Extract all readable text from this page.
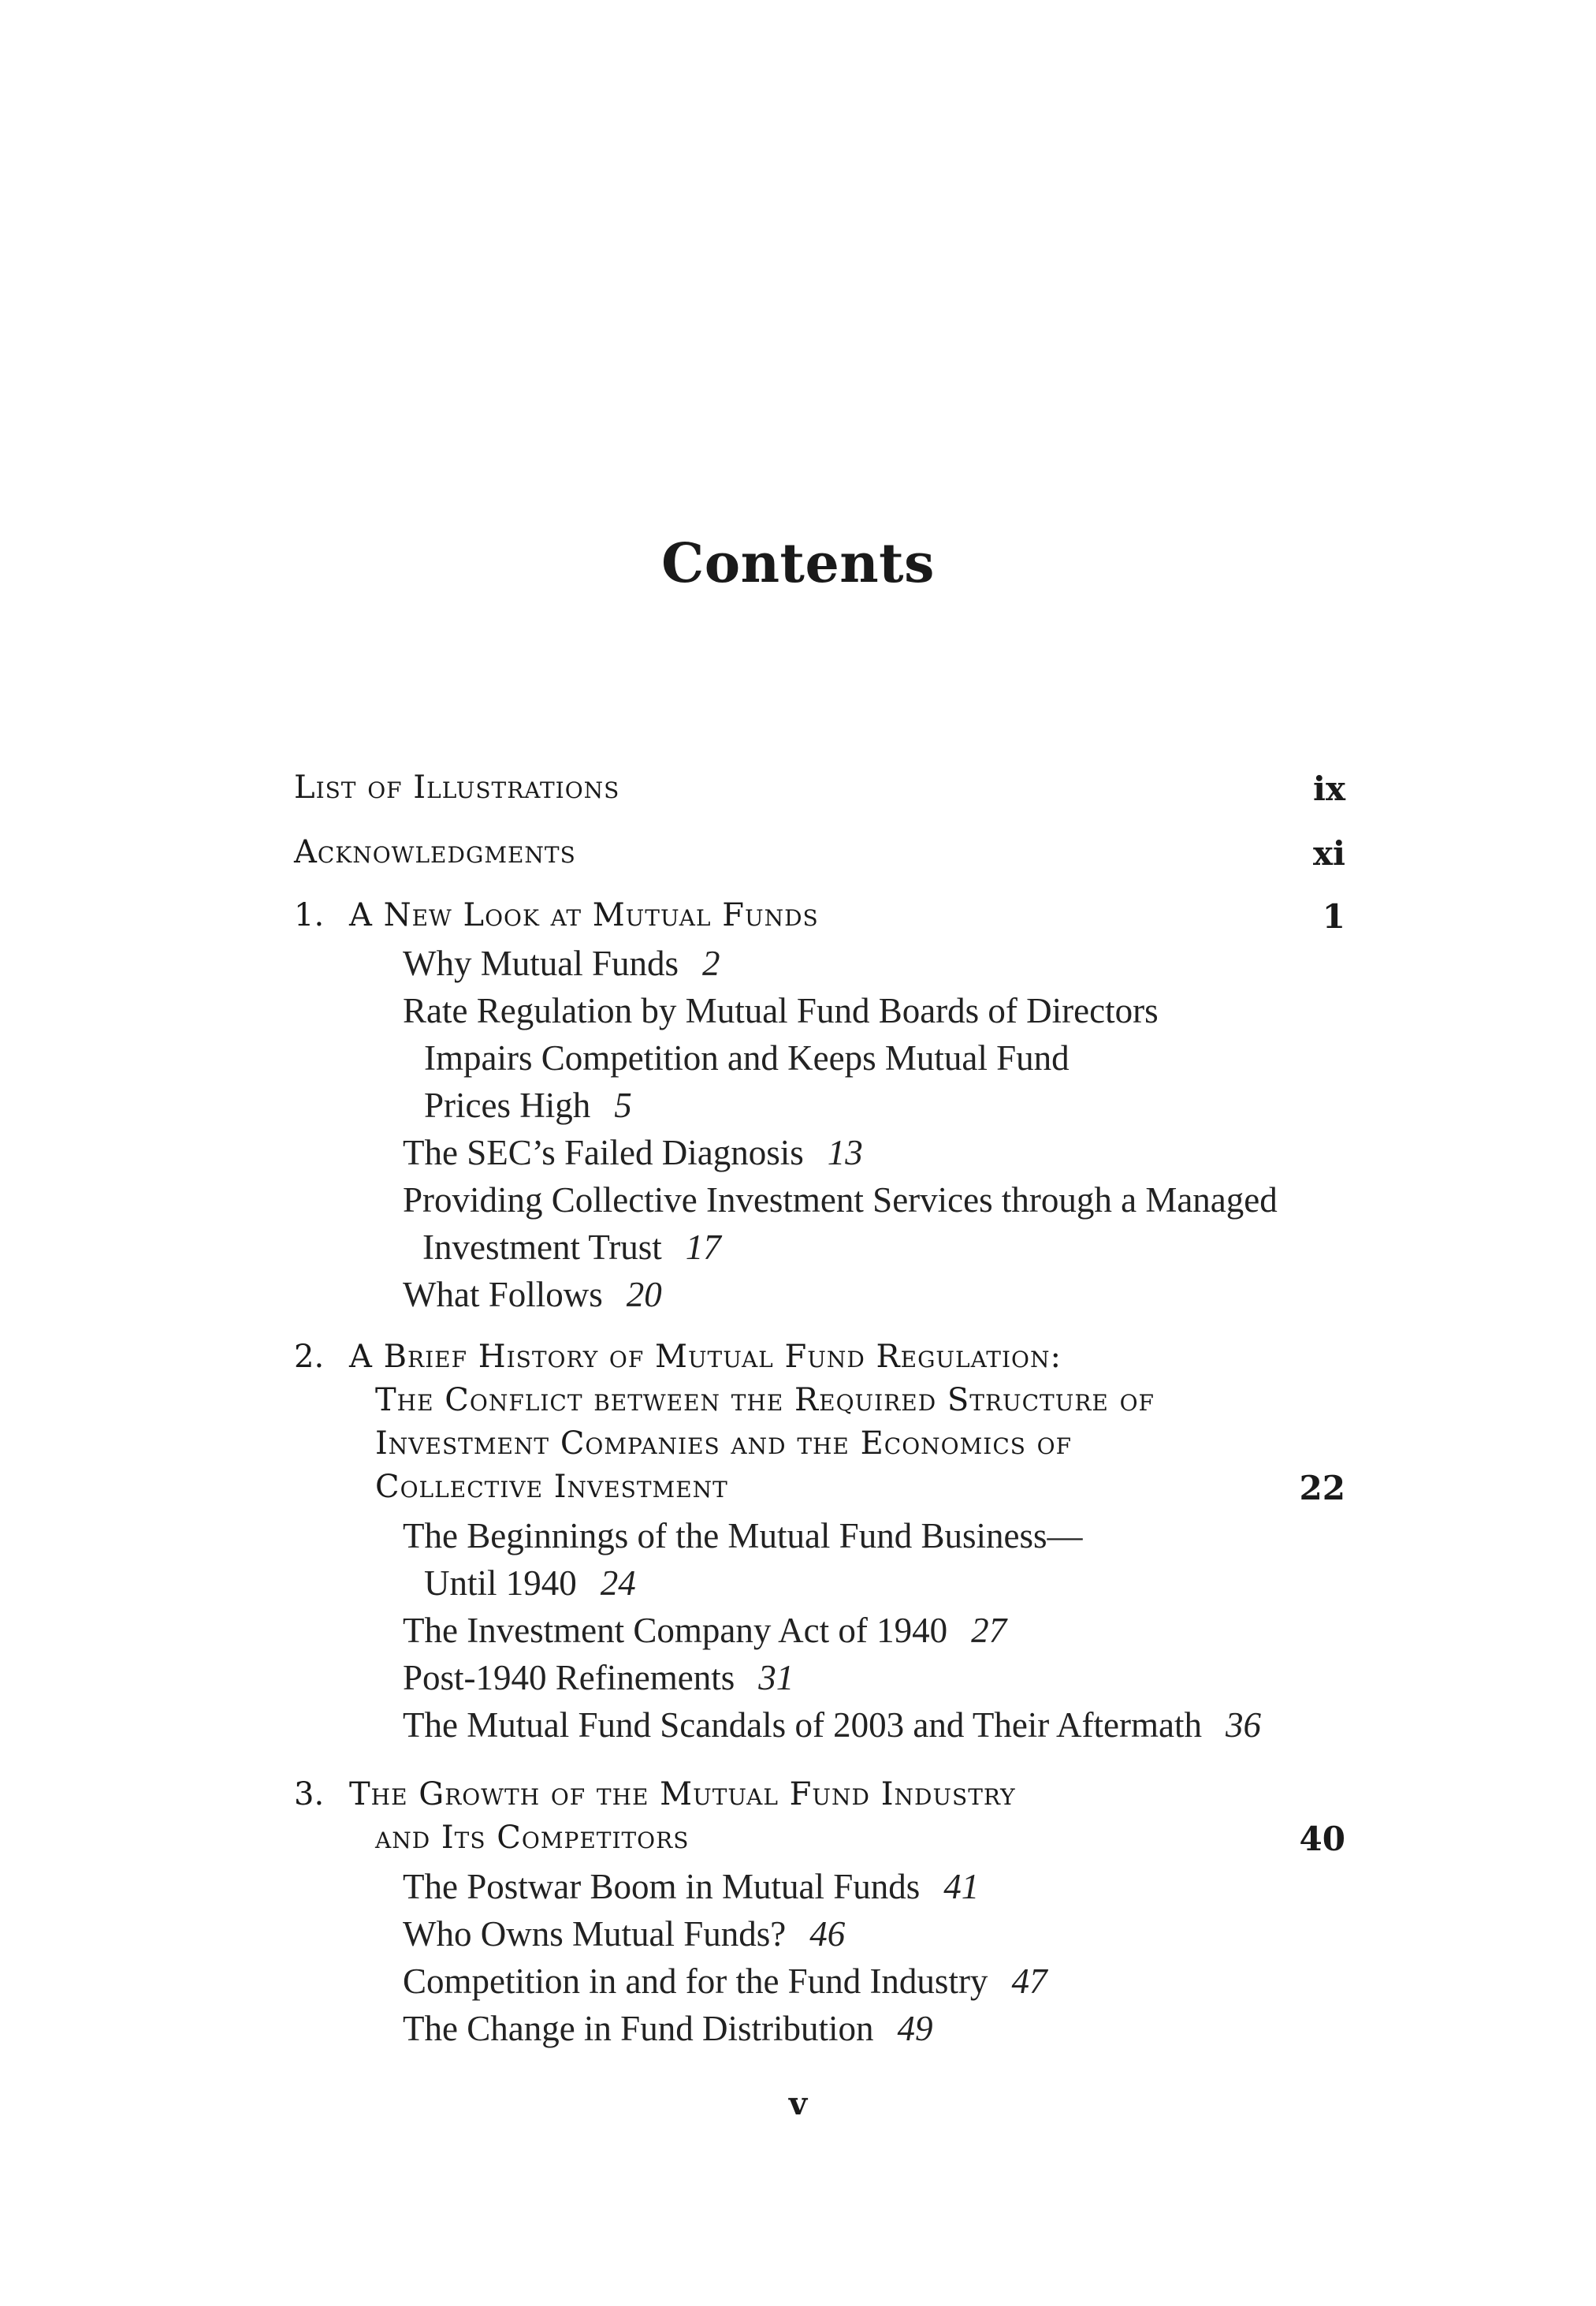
Contents
List of Illustrations	ix
Acknowledgments	xi
1. A New Look at Mutual Funds	1
Why Mutual Funds 2
Rate Regulation by Mutual Fund Boards of Directors
Impairs Competition and Keeps Mutual Fund
Prices High 5
The SEC’s Failed Diagnosis 13
Providing Collective Investment Services through a Managed
Investment Trust 17
What Follows 20
2. A Brief History of Mutual Fund Regulation:
The Conflict between the Required Structure of
Investment Companies and the Economics of
Collective Investment	22
The Beginnings of the Mutual Fund Business—
Until 1940 24
The Investment Company Act of 1940 27
Post-1940 Refinements 31
The Mutual Fund Scandals of 2003 and Their Aftermath 36
3. The Growth of the Mutual Fund Industry
and Its Competitors	40
The Postwar Boom in Mutual Funds 41
Who Owns Mutual Funds? 46
Competition in and for the Fund Industry 47
The Change in Fund Distribution 49
v
